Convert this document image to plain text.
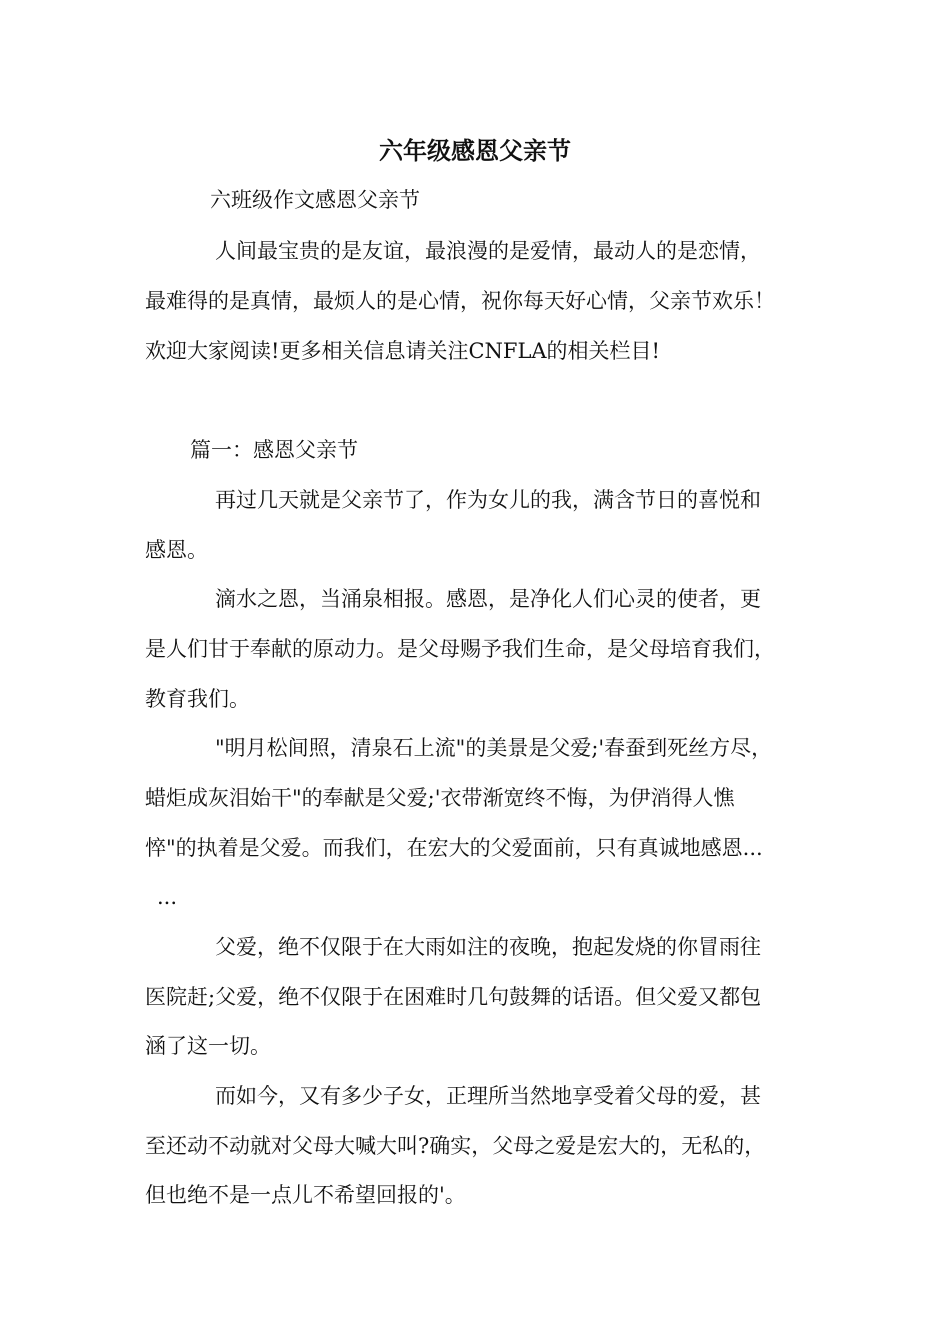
六年级感恩父亲节

六班级作文感恩父亲节

人间最宝贵的是友谊，最浪漫的是爱情，最动人的是恋情，

最难得的是真情，最烦人的是心情，祝你每天好心情，父亲节欢乐！

欢迎大家阅读!更多相关信息请关注CNFLA的相关栏目!

篇一：感恩父亲节

再过几天就是父亲节了，作为女儿的我，满含节日的喜悦和

感恩。

滴水之恩，当涌泉相报。感恩，是净化人们心灵的使者，更

是人们甘于奉献的原动力。是父母赐予我们生命，是父母培育我们，

教育我们。

"明月松间照，清泉石上流"的美景是父爱;'春蚕到死丝方尽，

蜡炬成灰泪始干"的奉献是父爱;'衣带渐宽终不悔，为伊消得人憔

悴"的执着是父爱。而我们，在宏大的父爱面前，只有真诚地感恩...

...

父爱，绝不仅限于在大雨如注的夜晚，抱起发烧的你冒雨往

医院赶;父爱，绝不仅限于在困难时几句鼓舞的话语。但父爱又都包

涵了这一切。

而如今，又有多少子女，正理所当然地享受着父母的爱，甚

至还动不动就对父母大喊大叫?确实，父母之爱是宏大的，无私的，

但也绝不是一点儿不希望回报的'。
